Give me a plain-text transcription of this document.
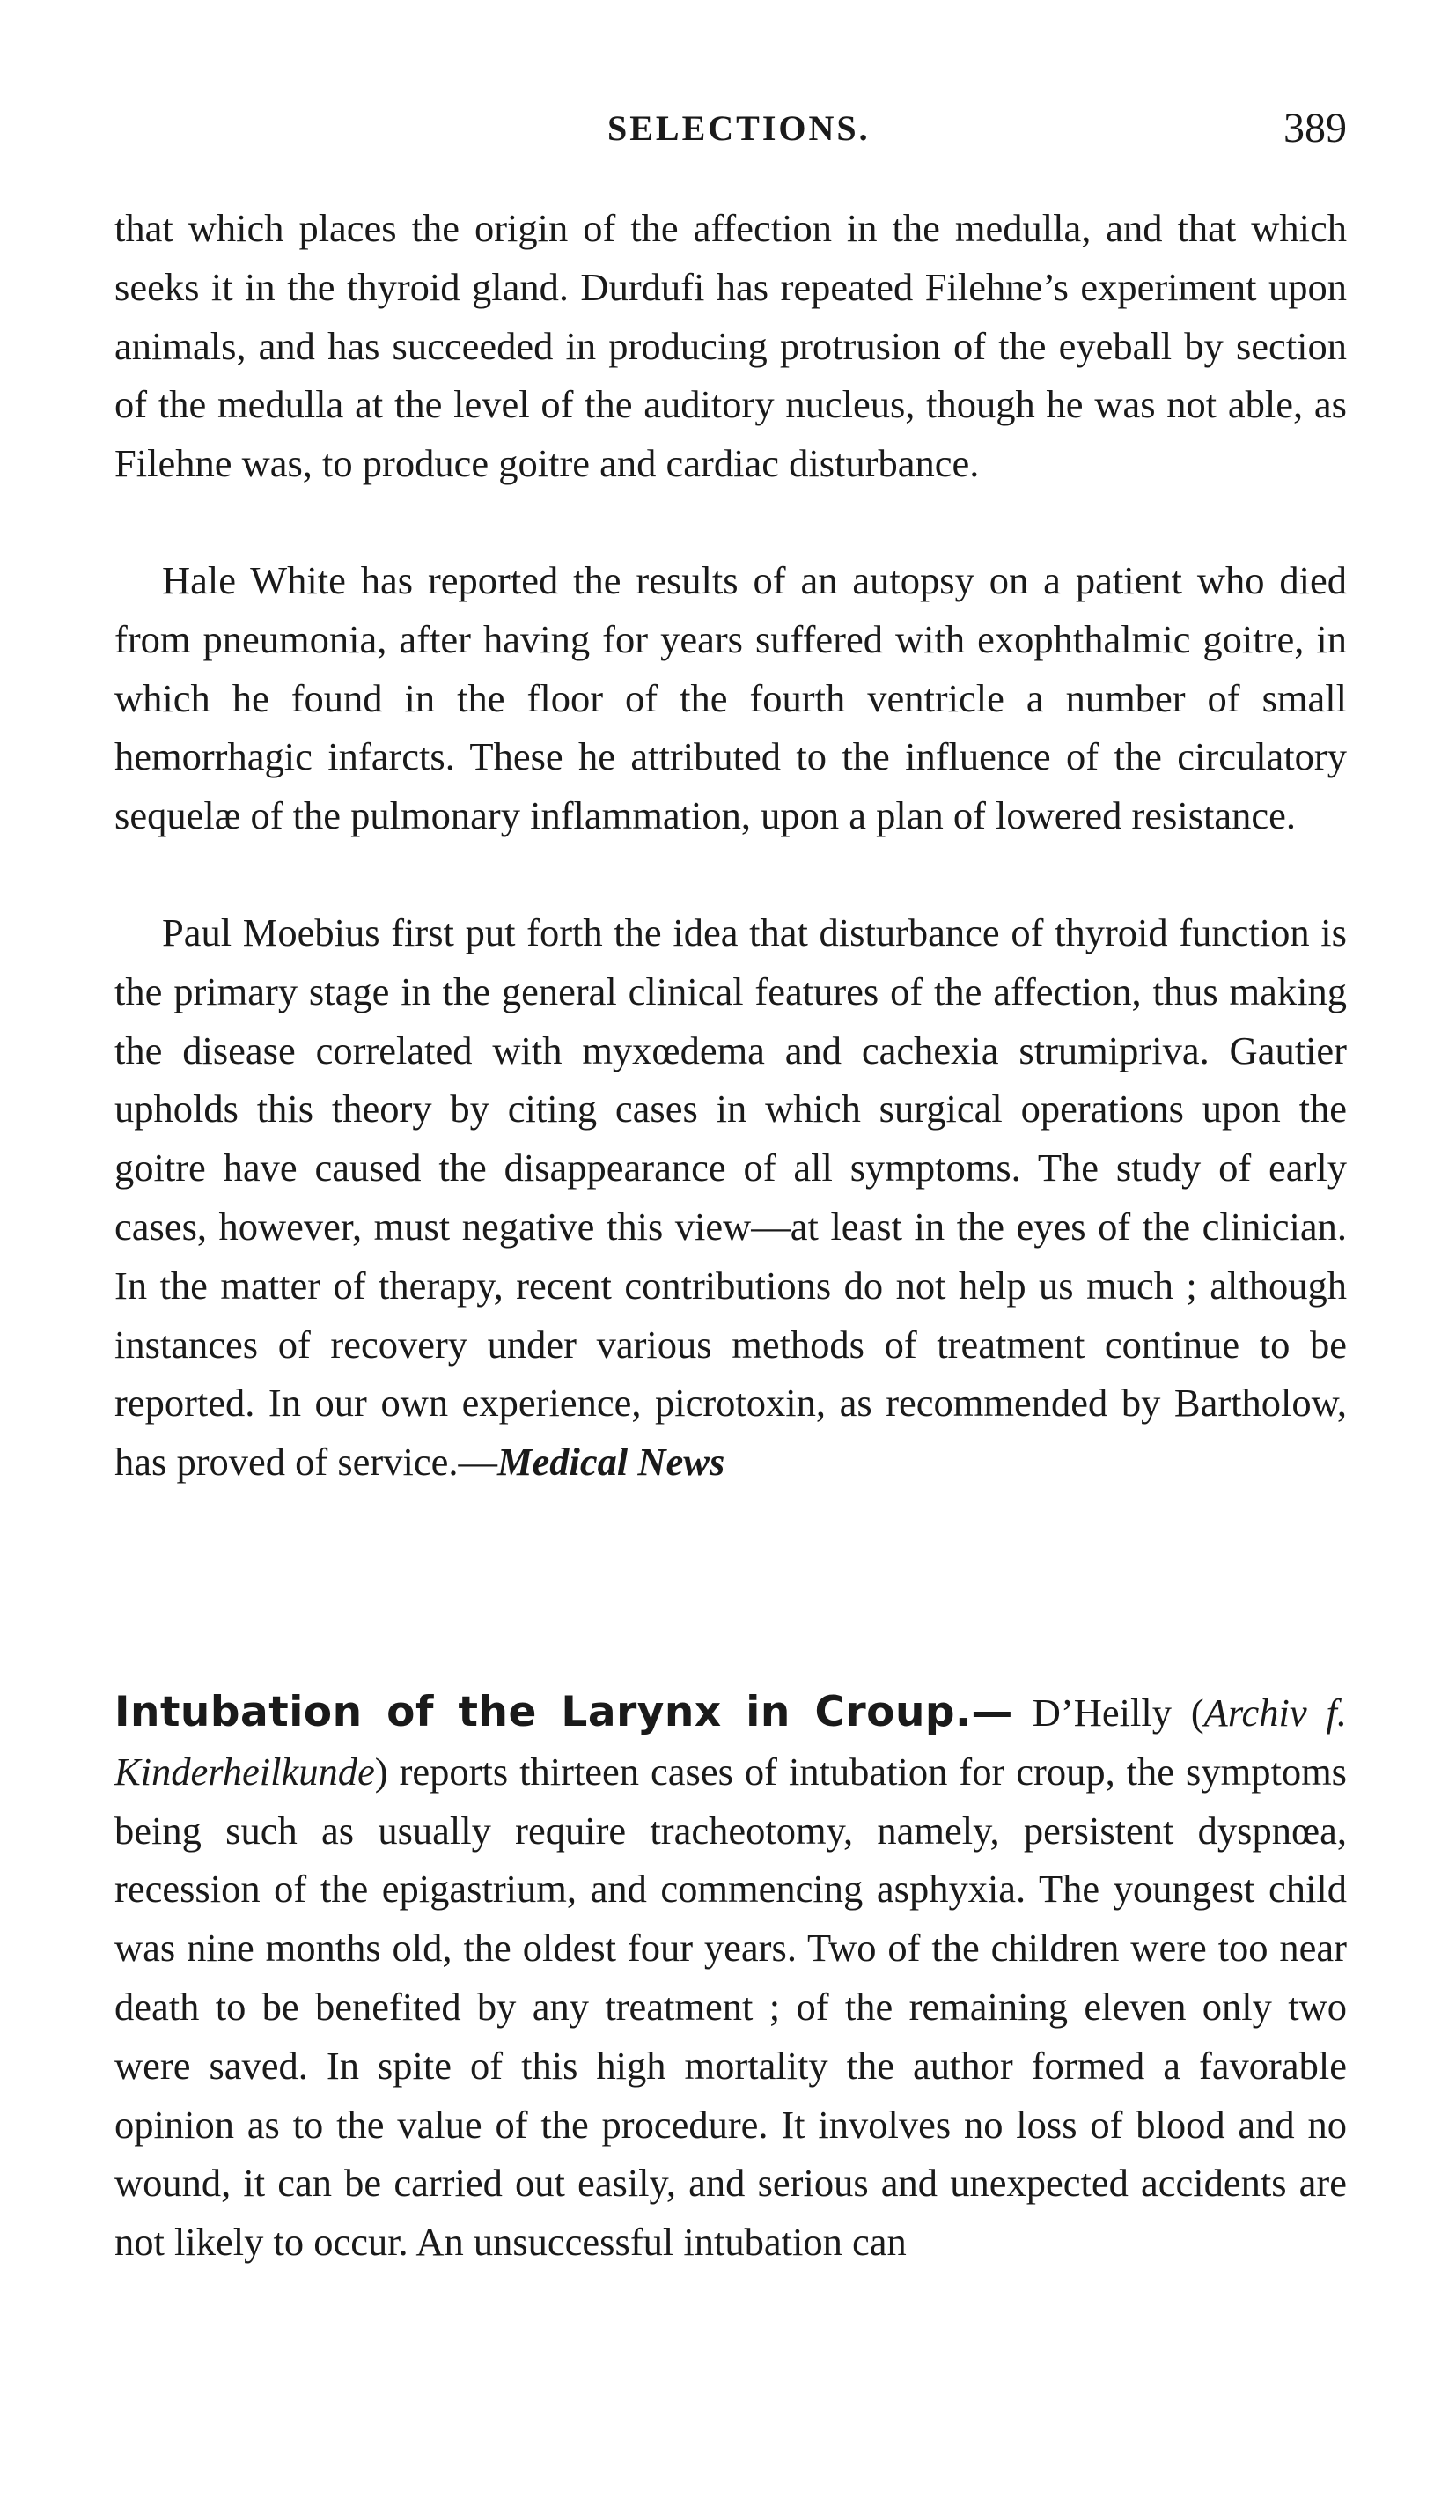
SELECTIONS.	389

that which places the origin of the affection in the medulla, and that which seeks it in the thyroid gland. Durdufi has repeated Filehne’s experiment upon animals, and has succeeded in producing protrusion of the eyeball by section of the medulla at the level of the auditory nucleus, though he was not able, as Filehne was, to produce goitre and cardiac disturbance.

Hale White has reported the results of an autopsy on a patient who died from pneumonia, after having for years suffered with exophthalmic goitre, in which he found in the floor of the fourth ventricle a number of small hemorrhagic infarcts. These he attributed to the influence of the circulatory sequelæ of the pulmonary inflammation, upon a plan of lowered resistance.

Paul Moebius first put forth the idea that disturbance of thyroid function is the primary stage in the general clinical features of the affection, thus making the disease correlated with myxœdema and cachexia strumipriva. Gautier upholds this theory by citing cases in which surgical operations upon the goitre have caused the disappearance of all symptoms. The study of early cases, however, must negative this view—at least in the eyes of the clinician. In the matter of therapy, recent contributions do not help us much ; although instances of recovery under various methods of treatment continue to be reported. In our own experience, picrotoxin, as recommended by Bartholow, has proved of service.—Medical News

Intubation of the Larynx in Croup.— D’Heilly (Archiv f. Kinderheilkunde) reports thirteen cases of intubation for croup, the symptoms being such as usually require tracheotomy, namely, persistent dyspnœa, recession of the epigastrium, and commencing asphyxia. The youngest child was nine months old, the oldest four years. Two of the children were too near death to be benefited by any treatment ; of the remaining eleven only two were saved. In spite of this high mortality the author formed a favorable opinion as to the value of the procedure. It involves no loss of blood and no wound, it can be carried out easily, and serious and unexpected accidents are not likely to occur. An unsuccessful intubation can
